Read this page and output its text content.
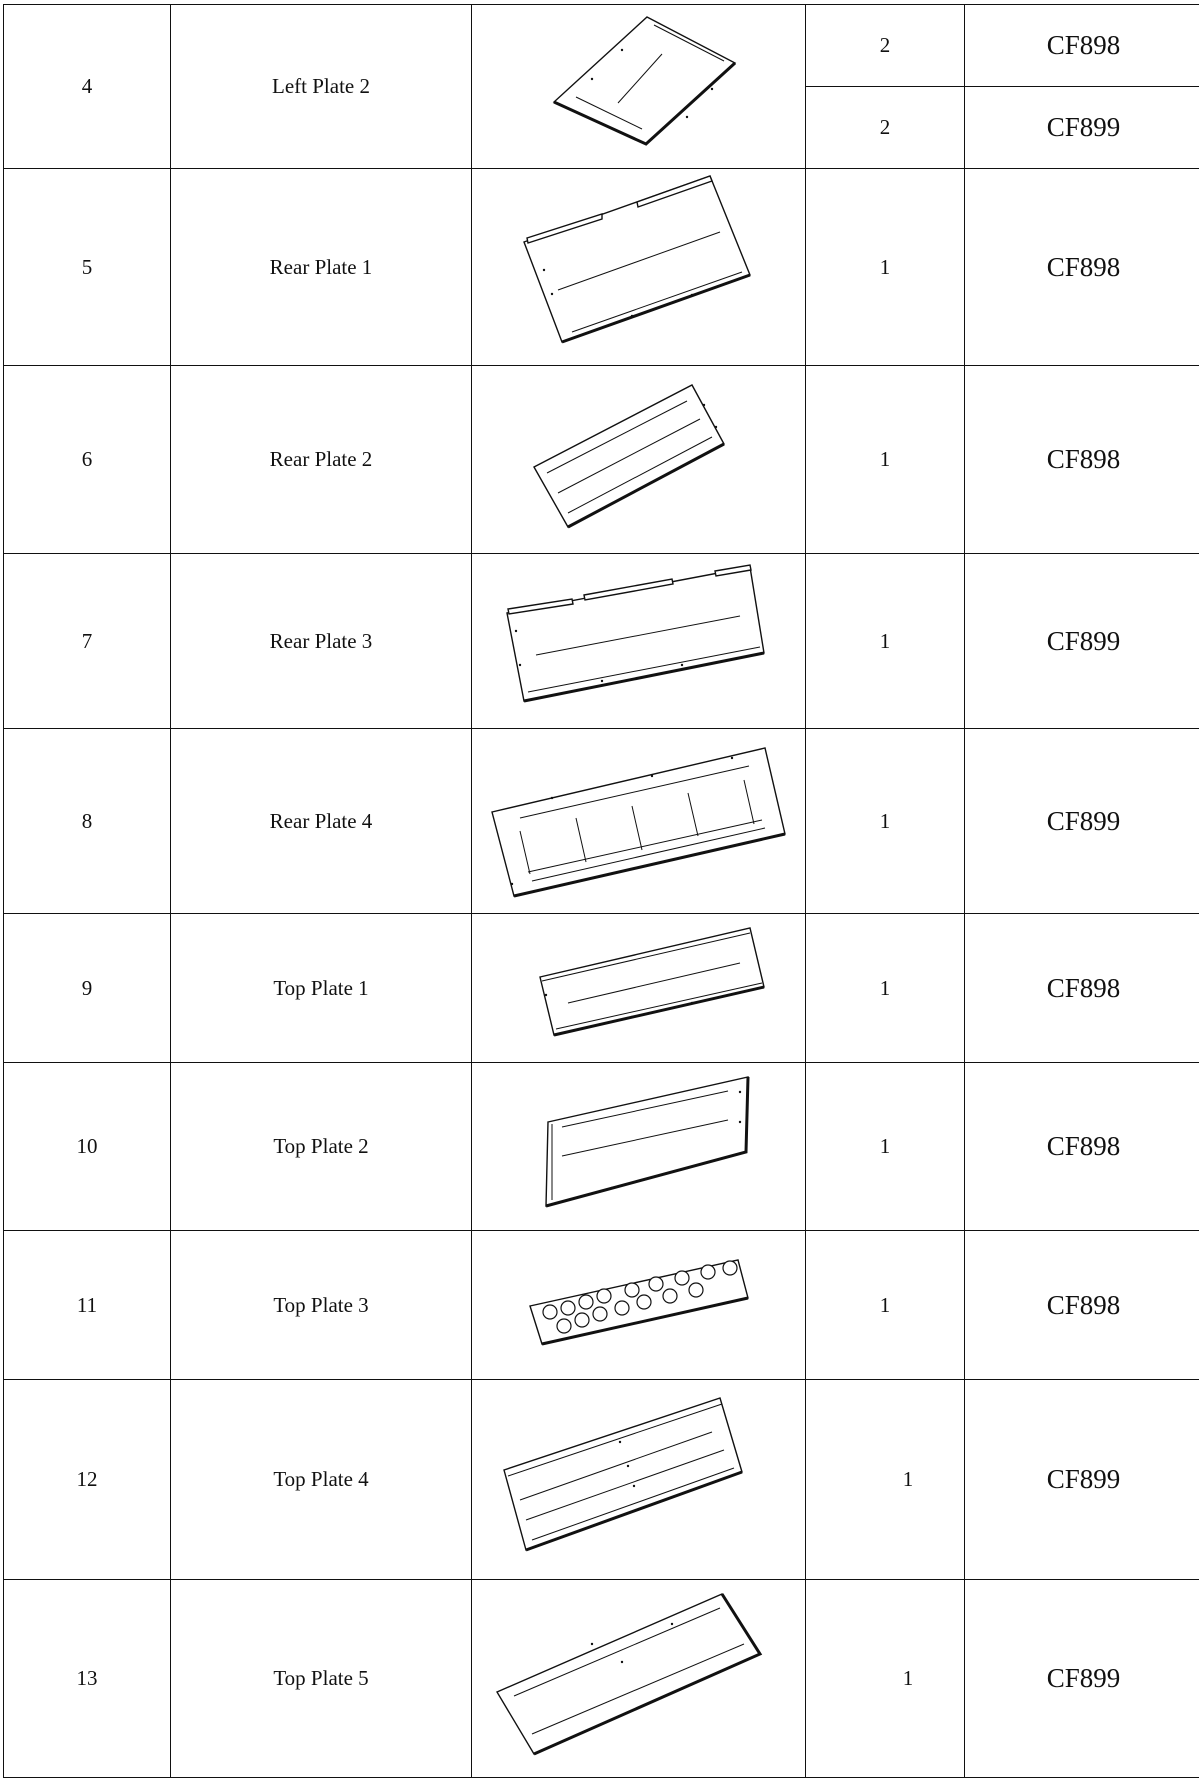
4	Left Plate 2		2	CF898
			2	CF899
5	Rear Plate 1		1	CF898
6	Rear Plate 2		1	CF898
7	Rear Plate 3		1	CF899
8	Rear Plate 4		1	CF899
9	Top Plate 1		1	CF898
10	Top Plate 2		1	CF898
11	Top Plate 3		1	CF898
12	Top Plate 4		1	CF899
13	Top Plate 5		1	CF899
